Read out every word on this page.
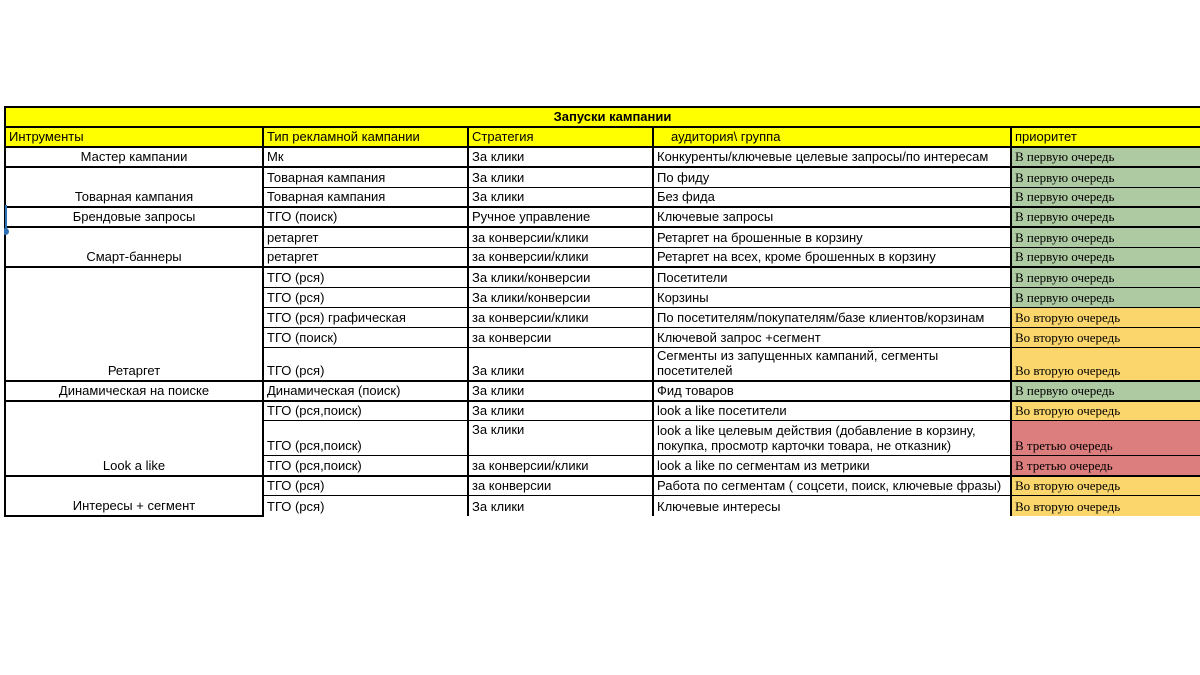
Запуски кампании				
Интрументы	Тип рекламной кампании	Стратегия	аудитория\ группа	приоритет
Мастер кампании	Мк	За клики	Конкуренты/ключевые целевые запросы/по интересам	В первую очередь
Товарная кампания	Товарная кампания	За клики	По фиду	В первую очередь
	Товарная кампания	За клики	Без фида	В первую очередь
Брендовые запросы	ТГО (поиск)	Ручное управление	Ключевые запросы	В первую очередь
Смарт-баннеры	ретаргет	за конверсии/клики	Ретаргет на брошенные в корзину	В первую очередь
	ретаргет	за конверсии/клики	Ретаргет на всех, кроме брошенных в корзину	В первую очередь
Ретаргет	ТГО (рся)	За клики/конверсии	Посетители	В первую очередь
	ТГО (рся)	За клики/конверсии	Корзины	В первую очередь
	ТГО (рся) графическая	за конверсии/клики	По посетителям/покупателям/базе клиентов/корзинам	Во вторую очередь
	ТГО (поиск)	за конверсии	Ключевой запрос +сегмент	Во вторую очередь
	ТГО (рся)	За клики	Сегменты из запущенных кампаний, сегменты посетителей	Во вторую очередь
Динамическая на поиске	Динамическая (поиск)	За клики	Фид товаров	В первую очередь
Look a like	ТГО (рся,поиск)	За клики	look a like посетители	Во вторую очередь
	ТГО (рся,поиск)	За клики	look a like целевым действия (добавление в корзину, покупка, просмотр карточки товара, не отказник)	В третью очередь
	ТГО (рся,поиск)	за конверсии/клики	look a like по сегментам из метрики	В третью очередь
Интересы + сегмент	ТГО (рся)	за конверсии	Работа по сегментам ( соцсети, поиск, ключевые фразы)	Во вторую очередь
	ТГО (рся)	За клики	Ключевые интересы	Во вторую очередь
